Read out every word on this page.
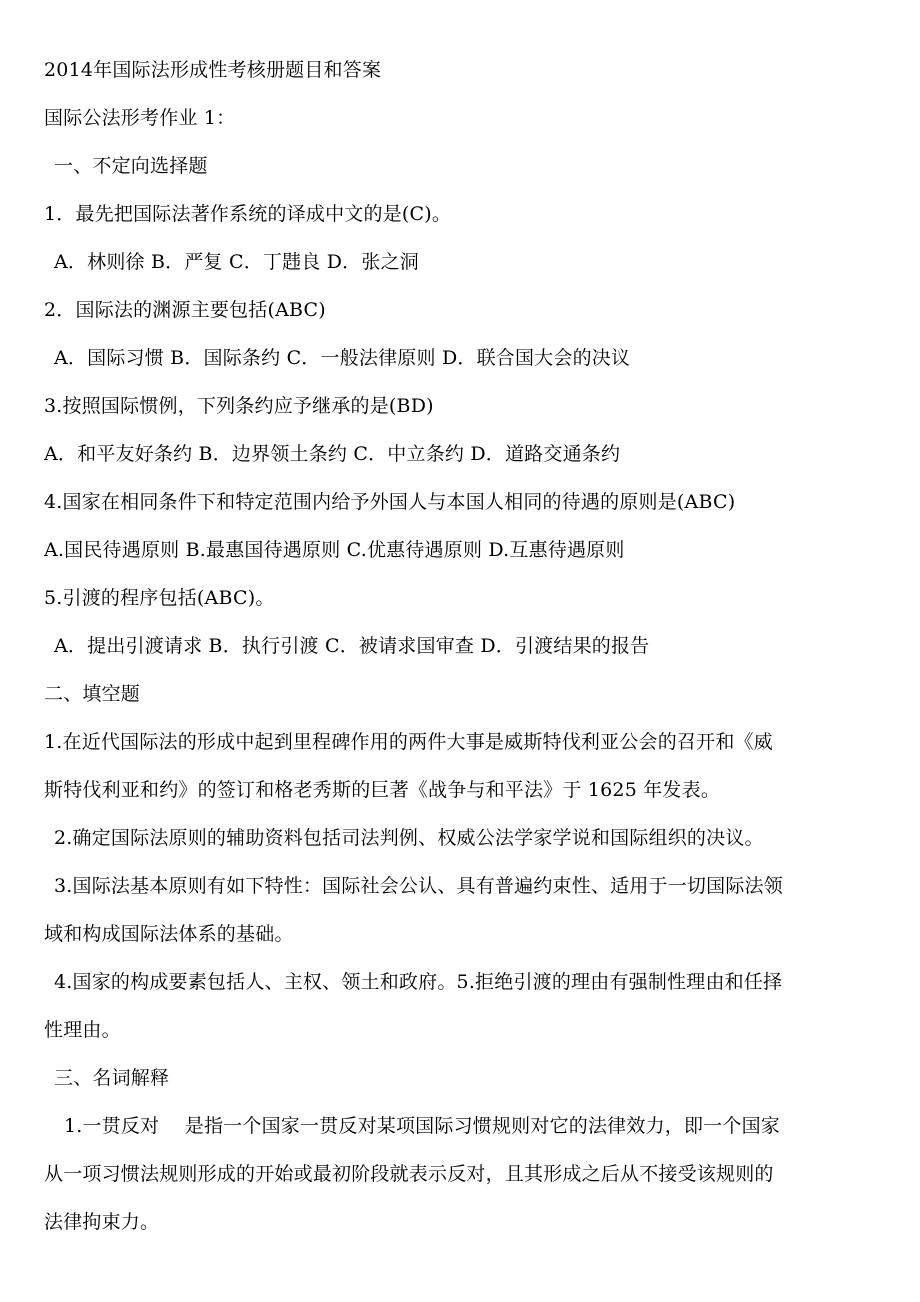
2014年国际法形成性考核册题目和答案
国际公法形考作业 1：
一、不定向选择题
1．最先把国际法著作系统的译成中文的是(C)。
A．林则徐 B．严复 C．丁韪良 D．张之洞
2．国际法的渊源主要包括(ABC)
A．国际习惯 B．国际条约 C．一般法律原则 D．联合国大会的决议
3.按照国际惯例，下列条约应予继承的是(BD)
A．和平友好条约 B．边界领土条约 C．中立条约 D．道路交通条约
4.国家在相同条件下和特定范围内给予外国人与本国人相同的待遇的原则是(ABC)
A.国民待遇原则 B.最惠国待遇原则 C.优惠待遇原则 D.互惠待遇原则
5.引渡的程序包括(ABC)。
A．提出引渡请求 B．执行引渡 C．被请求国审查 D．引渡结果的报告
二、填空题
1.在近代国际法的形成中起到里程碑作用的两件大事是威斯特伐利亚公会的召开和《威
斯特伐利亚和约》的签订和格老秀斯的巨著《战争与和平法》于 1625 年发表。
2.确定国际法原则的辅助资料包括司法判例、权威公法学家学说和国际组织的决议。
3.国际法基本原则有如下特性：国际社会公认、具有普遍约束性、适用于一切国际法领
域和构成国际法体系的基础。
4.国家的构成要素包括人、主权、领土和政府。5.拒绝引渡的理由有强制性理由和任择
性理由。
三、名词解释
1.一贯反对　 是指一个国家一贯反对某项国际习惯规则对它的法律效力，即一个国家
从一项习惯法规则形成的开始或最初阶段就表示反对，且其形成之后从不接受该规则的
法律拘束力。
